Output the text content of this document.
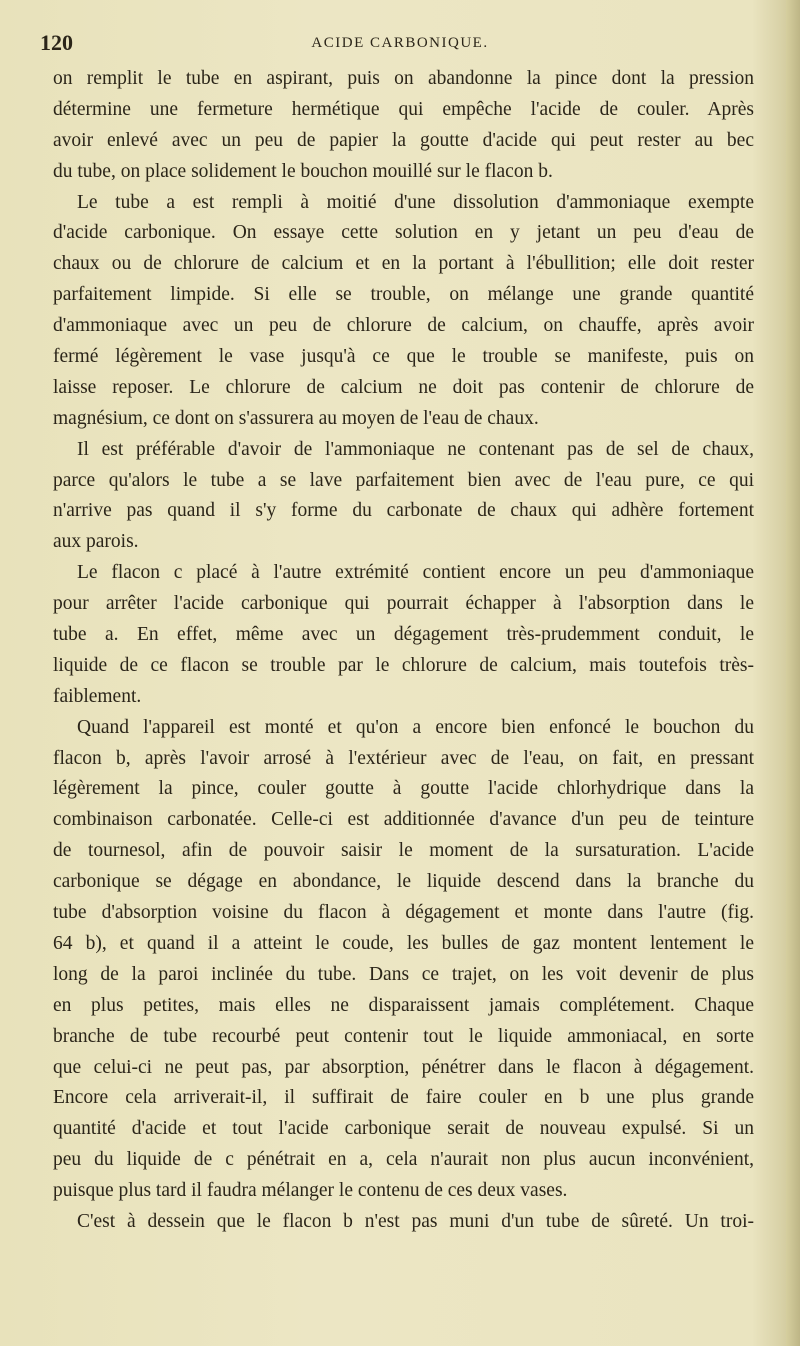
120	ACIDE CARBONIQUE.
on remplit le tube en aspirant, puis on abandonne la pince dont la pression
détermine une fermeture hermétique qui empêche l'acide de couler. Après
avoir enlevé avec un peu de papier la goutte d'acide qui peut rester au bec
du tube, on place solidement le bouchon mouillé sur le flacon b.
Le tube a est rempli à moitié d'une dissolution d'ammoniaque exempte
d'acide carbonique. On essaye cette solution en y jetant un peu d'eau de
chaux ou de chlorure de calcium et en la portant à l'ébullition; elle doit rester
parfaitement limpide. Si elle se trouble, on mélange une grande quantité
d'ammoniaque avec un peu de chlorure de calcium, on chauffe, après avoir
fermé légèrement le vase jusqu'à ce que le trouble se manifeste, puis on
laisse reposer. Le chlorure de calcium ne doit pas contenir de chlorure de
magnésium, ce dont on s'assurera au moyen de l'eau de chaux.
Il est préférable d'avoir de l'ammoniaque ne contenant pas de sel de chaux,
parce qu'alors le tube a se lave parfaitement bien avec de l'eau pure, ce qui
n'arrive pas quand il s'y forme du carbonate de chaux qui adhère fortement
aux parois.
Le flacon c placé à l'autre extrémité contient encore un peu d'ammoniaque
pour arrêter l'acide carbonique qui pourrait échapper à l'absorption dans le
tube a. En effet, même avec un dégagement très-prudemment conduit, le
liquide de ce flacon se trouble par le chlorure de calcium, mais toutefois très-
faiblement.
Quand l'appareil est monté et qu'on a encore bien enfoncé le bouchon du
flacon b, après l'avoir arrosé à l'extérieur avec de l'eau, on fait, en pressant
légèrement la pince, couler goutte à goutte l'acide chlorhydrique dans la
combinaison carbonatée. Celle-ci est additionnée d'avance d'un peu de teinture
de tournesol, afin de pouvoir saisir le moment de la sursaturation. L'acide
carbonique se dégage en abondance, le liquide descend dans la branche du
tube d'absorption voisine du flacon à dégagement et monte dans l'autre (fig.
64 b), et quand il a atteint le coude, les bulles de gaz montent lentement le
long de la paroi inclinée du tube. Dans ce trajet, on les voit devenir de plus
en plus petites, mais elles ne disparaissent jamais complétement. Chaque
branche de tube recourbé peut contenir tout le liquide ammoniacal, en sorte
que celui-ci ne peut pas, par absorption, pénétrer dans le flacon à dégagement.
Encore cela arriverait-il, il suffirait de faire couler en b une plus grande
quantité d'acide et tout l'acide carbonique serait de nouveau expulsé. Si un
peu du liquide de c pénétrait en a, cela n'aurait non plus aucun inconvénient,
puisque plus tard il faudra mélanger le contenu de ces deux vases.
C'est à dessein que le flacon b n'est pas muni d'un tube de sûreté. Un troi-
